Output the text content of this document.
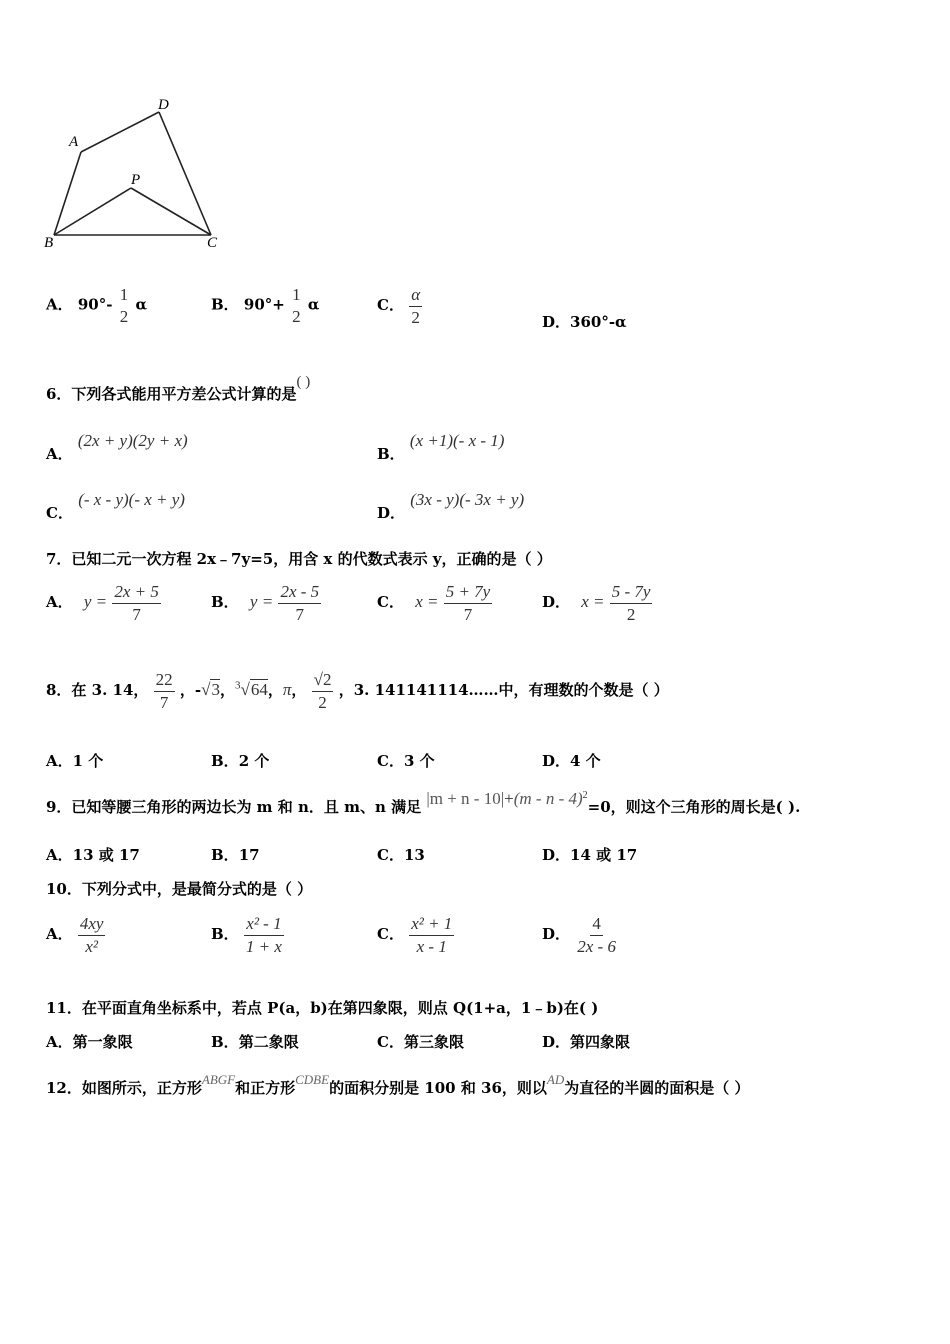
D
A
P
B	C
A． 90°-
1
2
α	B． 90°+
1
2
α	C． $\frac{\alpha}{2}$	D．360°-α
6．下列各式能用平方差公式计算的是( )
A． (2x + y)(2y + x)
B． (x +1)(- x - 1)
C． (- x - y)(- x + y)
D． (3x - y)(- 3x + y)
7．已知二元一次方程 2x﹣7y=5，用含 x 的代数式表示 y，正确的是（ ）
A． $y = \frac{2x + 5}{7}$	B． $y = \frac{2x - 5}{7}$	C． $x = \frac{5 + 7y}{7}$	D． $x = \frac{5 - 7y}{2}$
8．在 3. 14， $\frac{22}{7}$ ，-√3，$^3$√64，π， $\frac{√2}{2}$ ，3. 141141114……中，有理数的个数是（ ）
A．1 个	B．2 个	C．3 个	D．4 个
9．已知等腰三角形的两边长为 m 和 n．且 m、n 满足 |m + n - 10|+(m - n - 4)$^2$=0，则这个三角形的周长是( ).
A．13 或 17	B．17	C．13	D．14 或 17
10．下列分式中，是最简分式的是（ ）
A． $\frac{4xy}{\text{x²}}$	B． $\frac{\text{x² - 1}}{1 + x}$	C． $\frac{\text{x² + 1}}{x - 1}$	D． $\frac{4}{2x - 6}$
11．在平面直角坐标系中，若点 P(a，b)在第四象限，则点 Q(1+a，1﹣b)在( )
A．第一象限	B．第二象限	C．第三象限	D．第四象限
12．如图所示，正方形ABGF和正方形CDBE的面积分别是 100 和 36，则以AD为直径的半圆的面积是（ ）
